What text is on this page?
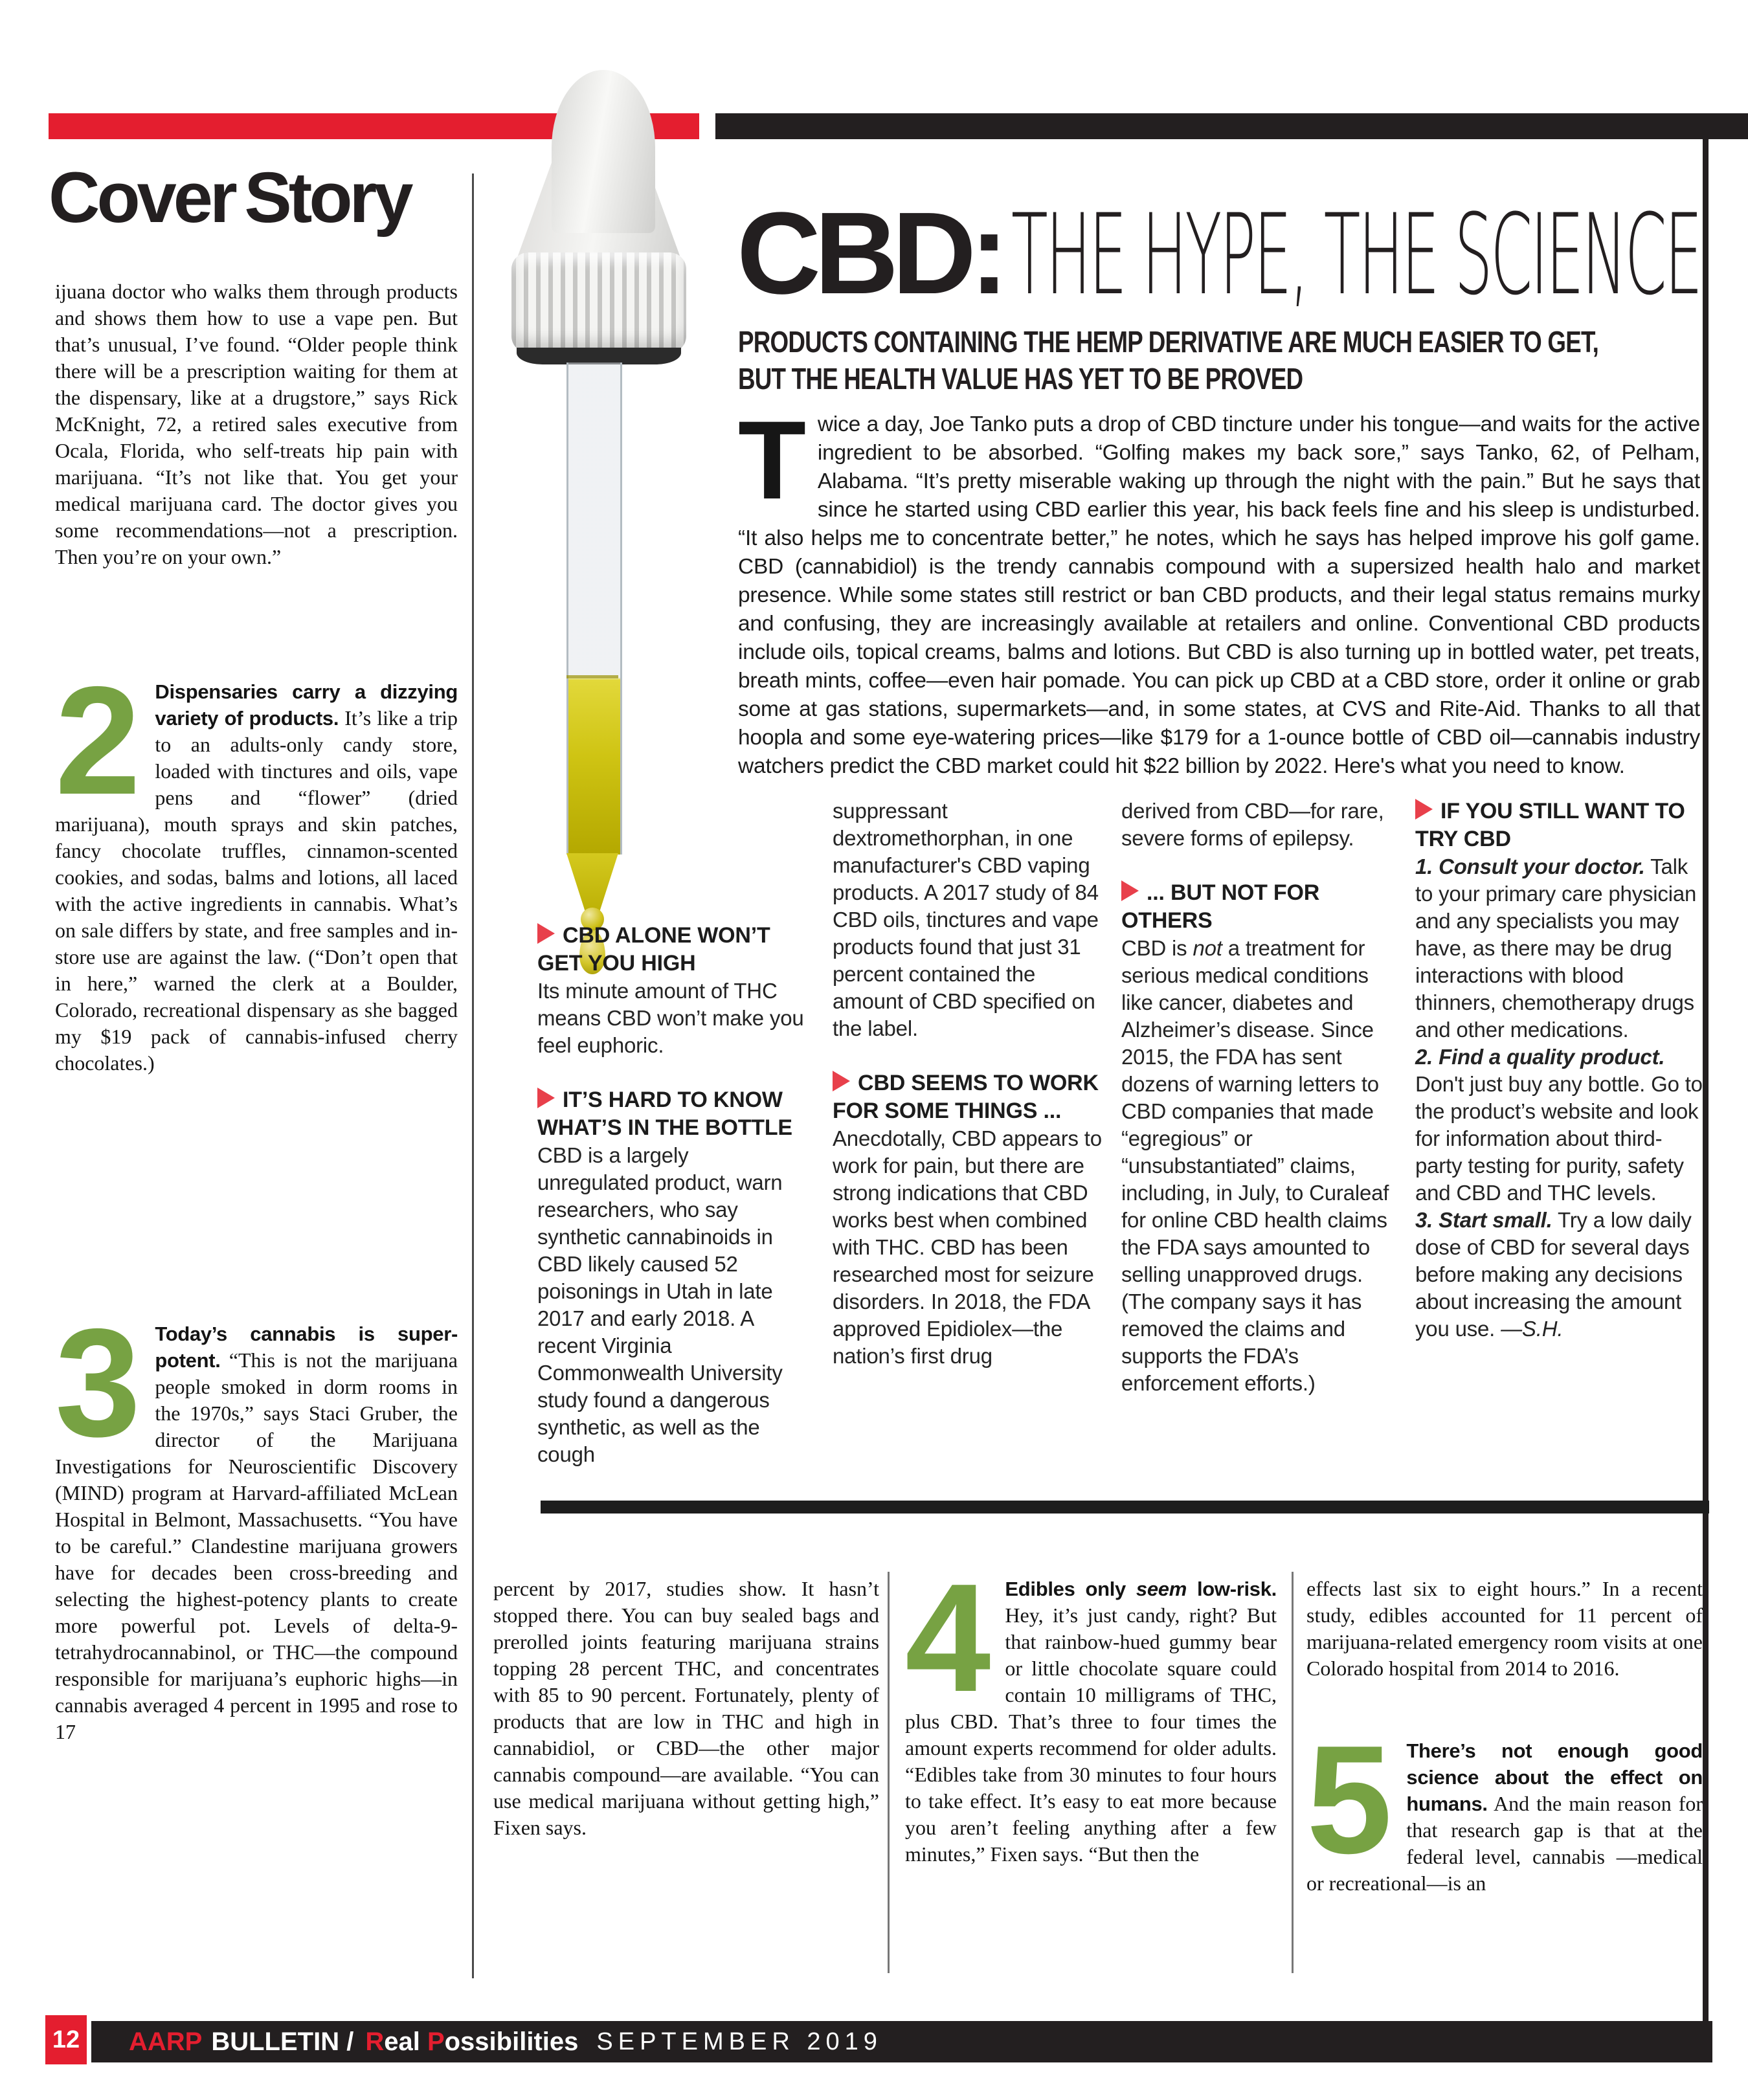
Cover Story
ijuana doctor who walks them through products and shows them how to use a vape pen. But that’s unusual, I’ve found. “Older people think there will be a prescription waiting for them at the dispensary, like at a drugstore,” says Rick McKnight, 72, a retired sales executive from Ocala, Florida, who self-treats hip pain with marijuana. “It’s not like that. You get your medical marijuana card. The doctor gives you some recommendations—not a prescription. Then you’re on your own.”
2 Dispensaries carry a dizzying variety of products. It’s like a trip to an adults-only candy store, loaded with tinctures and oils, vape pens and “flower” (dried marijuana), mouth sprays and skin patches, fancy chocolate truffles, cinnamon-scented cookies, and sodas, balms and lotions, all laced with the active ingredients in cannabis. What’s on sale differs by state, and free samples and in-store use are against the law. (“Don’t open that in here,” warned the clerk at a Boulder, Colorado, recreational dispensary as she bagged my $19 pack of cannabis-infused cherry chocolates.)
3 Today’s cannabis is super-potent. “This is not the marijuana people smoked in dorm rooms in the 1970s,” says Staci Gruber, the director of the Marijuana Investigations for Neuroscientific Discovery (MIND) program at Harvard-affiliated McLean Hospital in Belmont, Massachusetts. “You have to be careful.” Clandestine marijuana growers have for decades been cross-breeding and selecting the highest-potency plants to create more powerful pot. Levels of delta-9-tetrahydrocannabinol, or THC—the compound responsible for marijuana’s euphoric highs—in cannabis averaged 4 percent in 1995 and rose to 17
CBD:THE HYPE, THE SCIENCE
PRODUCTS CONTAINING THE HEMP DERIVATIVE ARE MUCH EASIER TO GET,
BUT THE HEALTH VALUE HAS YET TO BE PROVED
Twice a day, Joe Tanko puts a drop of CBD tincture under his tongue—and waits for the active ingredient to be absorbed. “Golfing makes my back sore,” says Tanko, 62, of Pelham, Alabama. “It’s pretty miserable waking up through the night with the pain.” But he says that since he started using CBD earlier this year, his back feels fine and his sleep is undisturbed. “It also helps me to concentrate better,” he notes, which he says has helped improve his golf game. CBD (cannabidiol) is the trendy cannabis compound with a supersized health halo and market presence. While some states still restrict or ban CBD products, and their legal status remains murky and confusing, they are increasingly available at retailers and online. Conventional CBD products include oils, topical creams, balms and lotions. But CBD is also turning up in bottled water, pet treats, breath mints, coffee—even hair pomade. You can pick up CBD at a CBD store, order it online or grab some at gas stations, supermarkets—and, in some states, at CVS and Rite-Aid. Thanks to all that hoopla and some eye-watering prices—like $179 for a 1-ounce bottle of CBD oil—cannabis industry watchers predict the CBD market could hit $22 billion by 2022. Here's what you need to know.
CBD ALONE WON’T GET YOU HIGH
Its minute amount of THC means CBD won’t make you feel euphoric.
IT’S HARD TO KNOW WHAT’S IN THE BOTTLE
CBD is a largely unregulated product, warn researchers, who say synthetic cannabinoids in CBD likely caused 52 poisonings in Utah in late 2017 and early 2018. A recent Virginia Commonwealth University study found a dangerous synthetic, as well as the cough
suppressant dextromethorphan, in one manufacturer's CBD vaping products. A 2017 study of 84 CBD oils, tinctures and vape products found that just 31 percent contained the amount of CBD specified on the label.
CBD SEEMS TO WORK FOR SOME THINGS ...
Anecdotally, CBD appears to work for pain, but there are strong indications that CBD works best when combined with THC. CBD has been researched most for seizure disorders. In 2018, the FDA approved Epidiolex—the nation’s first drug
derived from CBD—for rare, severe forms of epilepsy.
... BUT NOT FOR OTHERS
CBD is not a treatment for serious medical conditions like cancer, diabetes and Alzheimer’s disease. Since 2015, the FDA has sent dozens of warning letters to CBD companies that made “egregious” or “unsubstantiated” claims, including, in July, to Curaleaf for online CBD health claims the FDA says amounted to selling unapproved drugs. (The company says it has removed the claims and supports the FDA’s enforcement efforts.)
IF YOU STILL WANT TO TRY CBD
1. Consult your doctor. Talk to your primary care physician and any specialists you may have, as there may be drug interactions with blood thinners, chemotherapy drugs and other medications.
2. Find a quality product. Don't just buy any bottle. Go to the product’s website and look for information about third-party testing for purity, safety and CBD and THC levels.
3. Start small. Try a low daily dose of CBD for several days before making any decisions about increasing the amount you use. —S.H.
percent by 2017, studies show. It hasn’t stopped there. You can buy sealed bags and prerolled joints featuring marijuana strains topping 28 percent THC, and concentrates with 85 to 90 percent. Fortunately, plenty of products that are low in THC and high in cannabidiol, or CBD—the other major cannabis compound—are available. “You can use medical marijuana without getting high,” Fixen says.
4 Edibles only seem low-risk. Hey, it’s just candy, right? But that rainbow-hued gummy bear or little chocolate square could contain 10 milligrams of THC, plus CBD. That’s three to four times the amount experts recommend for older adults. “Edibles take from 30 minutes to four hours to take effect. It’s easy to eat more because you aren’t feeling anything after a few minutes,” Fixen says. “But then the
effects last six to eight hours.” In a recent study, edibles accounted for 11 percent of marijuana-related emergency room visits at one Colorado hospital from 2014 to 2016.
5 There’s not enough good science about the effect on humans. And the main reason for that research gap is that at the federal level, cannabis —medical or recreational—is an
12 AARP BULLETIN / Real Possibilities SEPTEMBER 2019
